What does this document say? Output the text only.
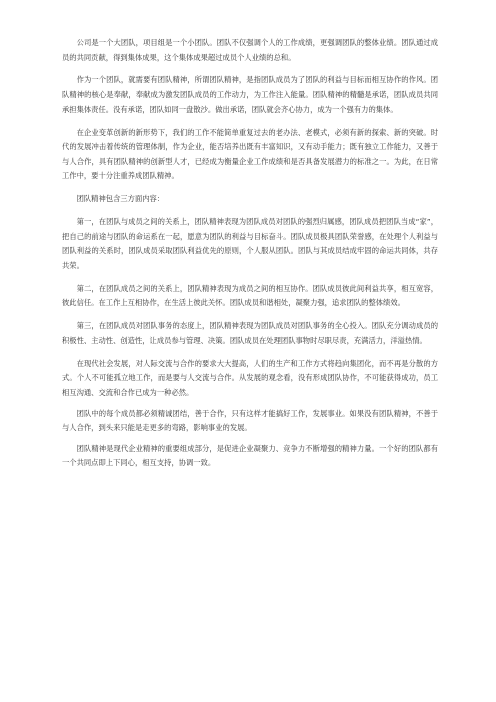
公司是一个大团队，项目组是一个小团队。团队不仅强调个人的工作成绩，更强调团队的整体业绩。团队通过成员的共同贡献，得到集体成果，这个集体成果超过成员个人业绩的总和。

作为一个团队，就需要有团队精神，所谓团队精神，是指团队成员为了团队的利益与目标而相互协作的作风。团队精神的核心是奉献，奉献成为激发团队成员的工作动力，为工作注入能量。团队精神的精髓是承诺，团队成员共同承担集体责任。没有承诺，团队如同一盘散沙。做出承诺，团队就会齐心协力，成为一个强有力的集体。

在企业变革创新的新形势下，我们的工作不能简单重复过去的老办法、老模式，必须有新的探索、新的突破。时代的发展冲击着传统的管理体制，作为企业，能否培养出既有丰富知识，又有动手能力；既有独立工作能力，又善于与人合作，具有团队精神的创新型人才，已经成为衡量企业工作成绩和是否具备发展潜力的标准之一。为此，在日常工作中，要十分注重养成团队精神。

团队精神包含三方面内容：

第一，在团队与成员之间的关系上，团队精神表现为团队成员对团队的强烈归属感，团队成员把团队当成“家”，把自己的前途与团队的命运系在一起，愿意为团队的利益与目标奋斗。团队成员极具团队荣誉感，在处理个人利益与团队利益的关系时，团队成员采取团队利益优先的原则，个人服从团队。团队与其成员结成牢固的命运共同体，共存共荣。

第二，在团队成员之间的关系上，团队精神表现为成员之间的相互协作。团队成员彼此间利益共享，相互宽容，彼此信任。在工作上互相协作，在生活上彼此关怀。团队成员和谐相处，凝聚力强，追求团队的整体绩效。

第三，在团队成员对团队事务的态度上，团队精神表现为团队成员对团队事务的全心投入。团队充分调动成员的积极性、主动性、创造性，让成员参与管理、决策。团队成员在处理团队事物时尽职尽责，充满活力，洋溢热情。

在现代社会发展，对人际交流与合作的要求大大提高，人们的生产和工作方式将趋向集团化，而不再是分散的方式。个人不可能孤立地工作，而是要与人交流与合作。从发展的观念看，没有形成团队协作，不可能获得成功，员工相互沟通、交流和合作已成为一种必然。

团队中的每个成员都必须精诚团结，善于合作，只有这样才能搞好工作，发展事业。如果没有团队精神，不善于与人合作，到头来只能是走更多的弯路，影响事业的发展。

团队精神是现代企业精神的重要组成部分，是促进企业凝聚力、竞争力不断增强的精神力量。一个好的团队都有一个共同点即上下同心，相互支持，协调一致。
